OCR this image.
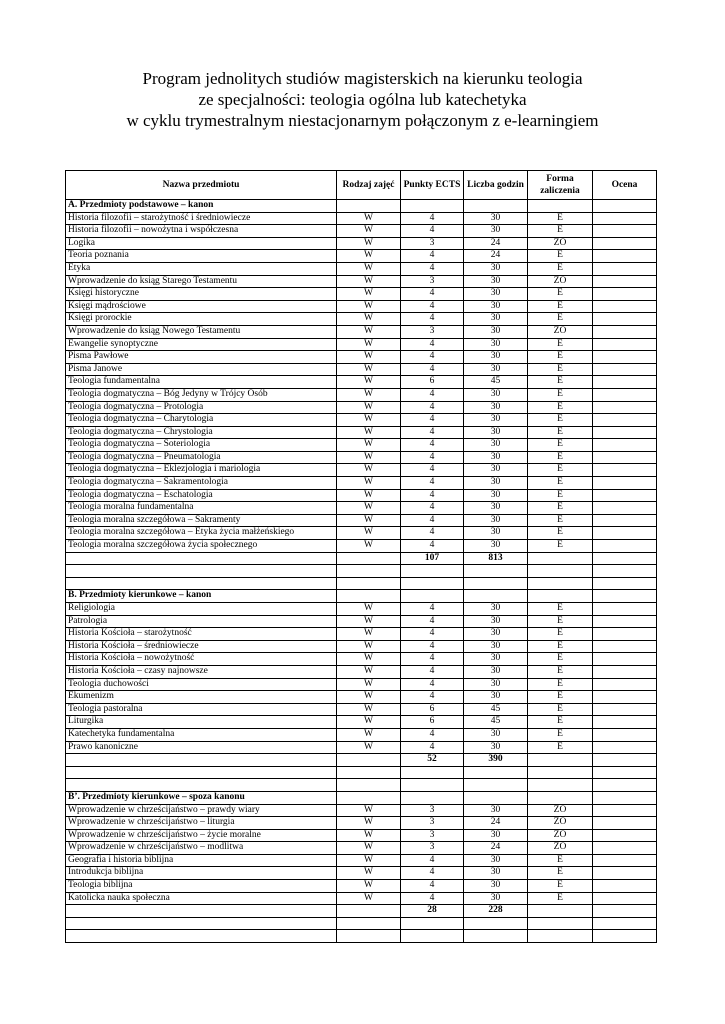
Program jednolitych studiów magisterskich na kierunku teologia
ze specjalności: teologia ogólna lub katechetyka
w cyklu trymestralnym niestacjonarnym połączonym z e-learningiem
Nazwa przedmiotu	Rodzaj zajęć	Punkty ECTS	Liczba godzin	Forma zaliczenia	Ocena
A. Przedmioty podstawowe – kanon					
Historia filozofii – starożytność i średniowiecze	W	4	30	E	
Historia filozofii – nowożytna i współczesna	W	4	30	E	
Logika	W	3	24	ZO	
Teoria poznania	W	4	24	E	
Etyka	W	4	30	E	
Wprowadzenie do ksiąg Starego Testamentu	W	3	30	ZO	
Księgi historyczne	W	4	30	E	
Księgi mądrościowe	W	4	30	E	
Księgi prorockie	W	4	30	E	
Wprowadzenie do ksiąg Nowego Testamentu	W	3	30	ZO	
Ewangelie synoptyczne	W	4	30	E	
Pisma Pawłowe	W	4	30	E	
Pisma Janowe	W	4	30	E	
Teologia fundamentalna	W	6	45	E	
Teologia dogmatyczna – Bóg Jedyny w Trójcy Osób	W	4	30	E	
Teologia dogmatyczna – Protologia	W	4	30	E	
Teologia dogmatyczna – Charytologia	W	4	30	E	
Teologia dogmatyczna – Chrystologia	W	4	30	E	
Teologia dogmatyczna – Soteriologia	W	4	30	E	
Teologia dogmatyczna – Pneumatologia	W	4	30	E	
Teologia dogmatyczna – Eklezjologia i mariologia	W	4	30	E	
Teologia dogmatyczna – Sakramentologia	W	4	30	E	
Teologia dogmatyczna – Eschatologia	W	4	30	E	
Teologia moralna fundamentalna	W	4	30	E	
Teologia moralna szczegółowa – Sakramenty	W	4	30	E	
Teologia moralna szczegółowa – Etyka życia małżeńskiego	W	4	30	E	
Teologia moralna szczegółowa życia społecznego	W	4	30	E	
		107	813		

B. Przedmioty kierunkowe – kanon					
Religiologia	W	4	30	E	
Patrologia	W	4	30	E	
Historia Kościoła – starożytność	W	4	30	E	
Historia Kościoła – średniowiecze	W	4	30	E	
Historia Kościoła – nowożytność	W	4	30	E	
Historia Kościoła – czasy najnowsze	W	4	30	E	
Teologia duchowości	W	4	30	E	
Ekumenizm	W	4	30	E	
Teologia pastoralna	W	6	45	E	
Liturgika	W	6	45	E	
Katechetyka fundamentalna	W	4	30	E	
Prawo kanoniczne	W	4	30	E	
		52	390		

B’. Przedmioty kierunkowe – spoza kanonu					
Wprowadzenie w chrześcijaństwo – prawdy wiary	W	3	30	ZO	
Wprowadzenie w chrześcijaństwo – liturgia	W	3	24	ZO	
Wprowadzenie w chrześcijaństwo – życie moralne	W	3	30	ZO	
Wprowadzenie w chrześcijaństwo – modlitwa	W	3	24	ZO	
Geografia i historia biblijna	W	4	30	E	
Introdukcja biblijna	W	4	30	E	
Teologia biblijna	W	4	30	E	
Katolicka nauka społeczna	W	4	30	E	
		28	228		
